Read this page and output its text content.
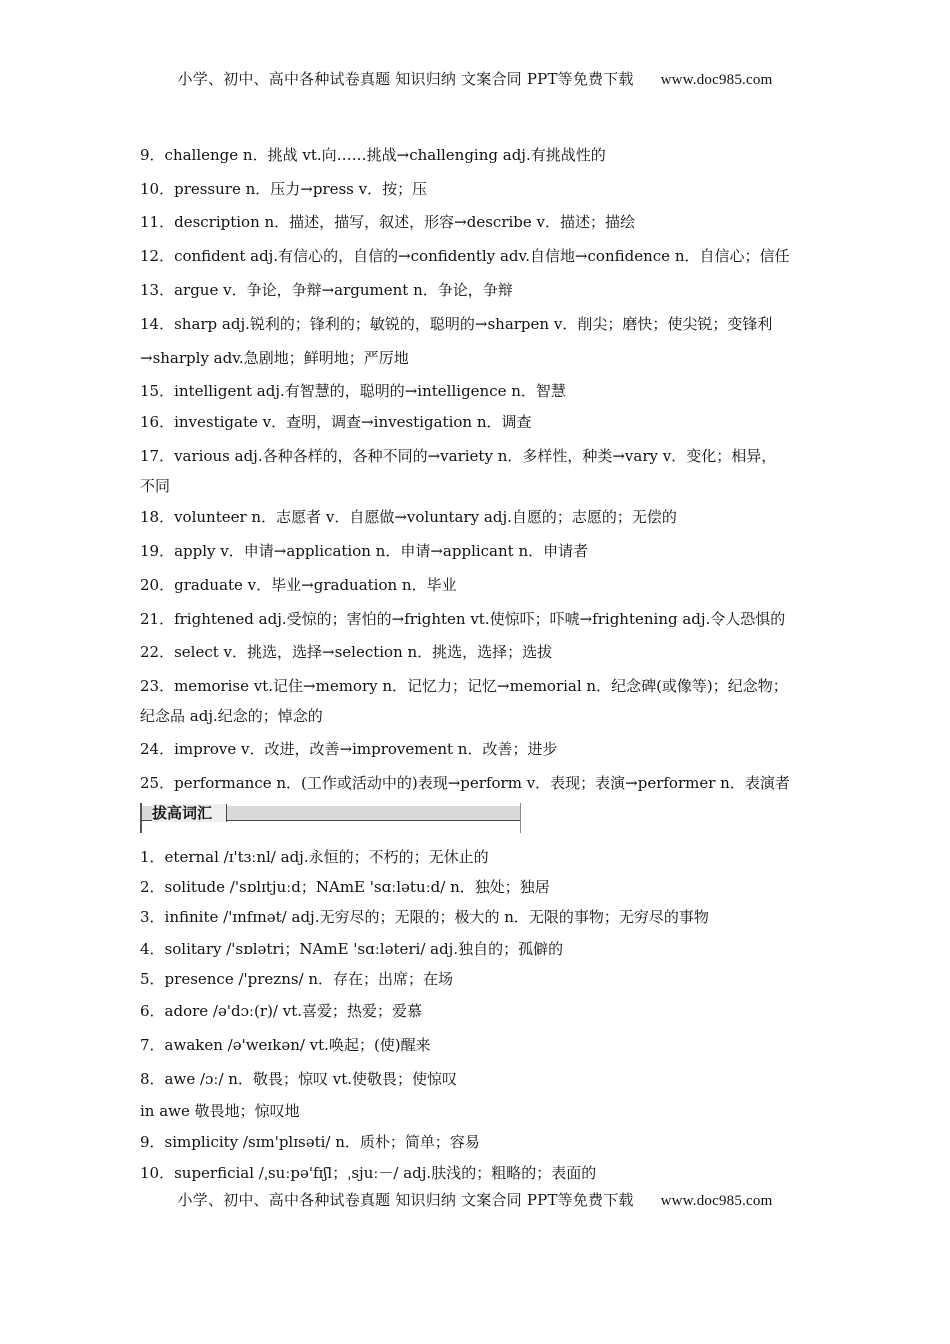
小学、初中、高中各种试卷真题 知识归纳 文案合同 PPT等免费下载 www.doc985.com
9．challenge n．挑战 vt.向……挑战→challenging adj.有挑战性的
10．pressure n．压力→press v．按；压
11．description n．描述，描写，叙述，形容→describe v．描述；描绘
12．confident adj.有信心的，自信的→confidently adv.自信地→confidence n．自信心；信任
13．argue v．争论，争辩→argument n．争论，争辩
14．sharp adj.锐利的；锋利的；敏锐的，聪明的→sharpen v．削尖；磨快；使尖锐；变锋利
→sharply adv.急剧地；鲜明地；严厉地
15．intelligent adj.有智慧的，聪明的→intelligence n．智慧
16．investigate v．查明，调查→investigation n．调查
17．various adj.各种各样的，各种不同的→variety n．多样性，种类→vary v．变化；相异，
不同
18．volunteer n．志愿者 v．自愿做→voluntary adj.自愿的；志愿的；无偿的
19．apply v．申请→application n．申请→applicant n．申请者
20．graduate v．毕业→graduation n．毕业
21．frightened adj.受惊的；害怕的→frighten vt.使惊吓；吓唬→frightening adj.令人恐惧的
22．select v．挑选，选择→selection n．挑选，选择；选拔
23．memorise vt.记住→memory n．记忆力；记忆→memorial n．纪念碑(或像等)；纪念物；
纪念品 adj.纪念的；悼念的
24．improve v．改进，改善→improvement n．改善；进步
25．performance n．(工作或活动中的)表现→perform v．表现；表演→performer n．表演者
1．eternal /ɪ'tɜːnl/ adj.永恒的；不朽的；无休止的
2．solitude /'sɒlɪtjuːd；NAmE 'sɑːlətuːd/ n．独处；独居
3．infinite /'ɪnfɪnət/ adj.无穷尽的；无限的；极大的 n．无限的事物；无穷尽的事物
4．solitary /'sɒlətri；NAmE 'sɑːləteri/ adj.独自的；孤僻的
5．presence /'prezns/ n．存在；出席；在场
6．adore /ə'dɔː(r)/ vt.喜爱；热爱；爱慕
7．awaken /ə'weɪkən/ vt.唤起；(使)醒来
8．awe /ɔː/ n．敬畏；惊叹 vt.使敬畏；使惊叹
in awe 敬畏地；惊叹地
9．simplicity /sɪm'plɪsəti/ n．质朴；简单；容易
10．superficial /ˌsuːpə'fɪʃl；ˌsjuː－/ adj.肤浅的；粗略的；表面的
拔高词汇
小学、初中、高中各种试卷真题 知识归纳 文案合同 PPT等免费下载 www.doc985.com
